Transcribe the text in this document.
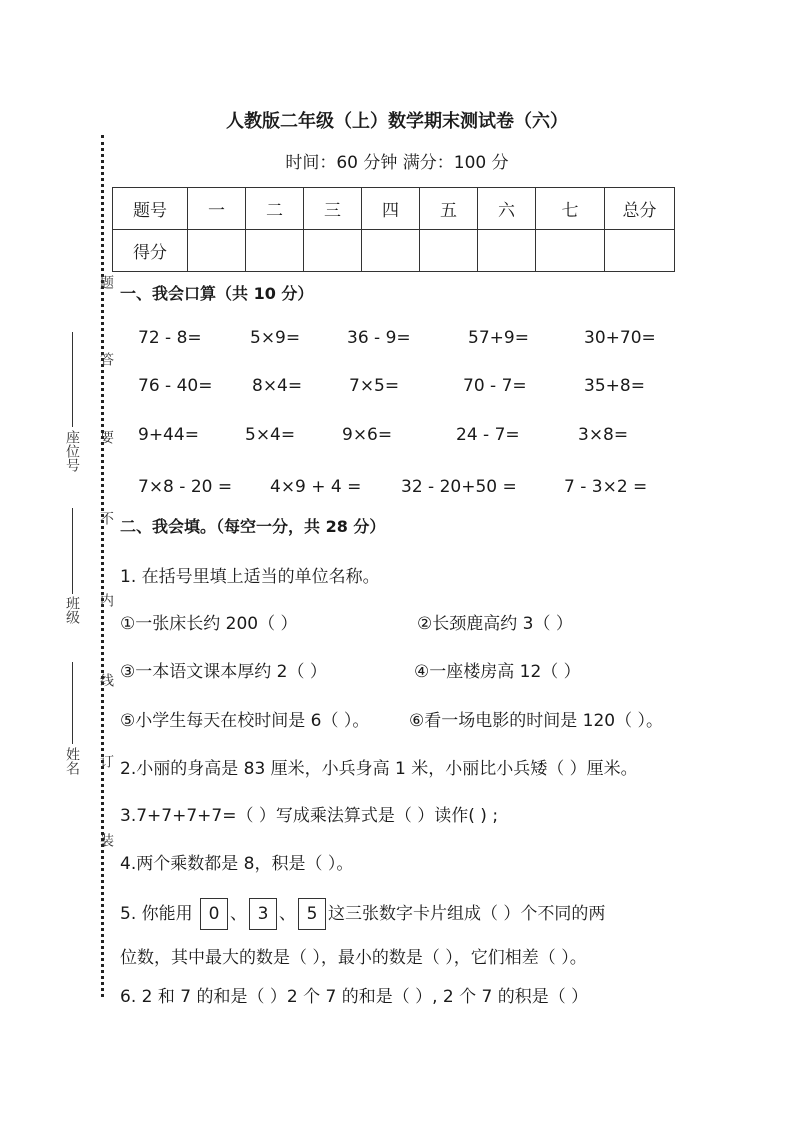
座位号
班级
姓名
题
答
要
不
内
线
订
装
人教版二年级（上）数学期末测试卷（六）
时间：60 分钟 满分：100 分
题号	一	二	三	四	五	六	七	总分
得分								
一、我会口算（共 10 分）
72 - 8=	5×9=	36 - 9=	57+9=	30+70=
76 - 40= 8×4=	7×5=	70 - 7=	35+8=
9+44=	5×4=	9×6=	24 - 7=	3×8=
7×8 - 20 = 4×9 + 4 = 32 - 20+50 =	7 - 3×2 =
二、我会填。（每空一分，共 28 分）
1. 在括号里填上适当的单位名称。
①一张床长约 200（ ）	②长颈鹿高约 3（ ）
③一本语文课本厚约 2（ ）	④一座楼房高 12（ ）
⑤小学生每天在校时间是 6（ ）。 ⑥看一场电影的时间是 120（ ）。
2.小丽的身高是 83 厘米，小兵身高 1 米，小丽比小兵矮（ ）厘米。
3.7+7+7+7=（ ）写成乘法算式是（ ）读作( ) ;
4.两个乘数都是 8，积是（ ）。
5. 你能用 0 、 3 、 5 这三张数字卡片组成（ ）个不同的两
位数，其中最大的数是（ ），最小的数是（ ），它们相差（ ）。
6. 2 和 7 的和是（ ）2 个 7 的和是（ ）, 2 个 7 的积是（ ）
